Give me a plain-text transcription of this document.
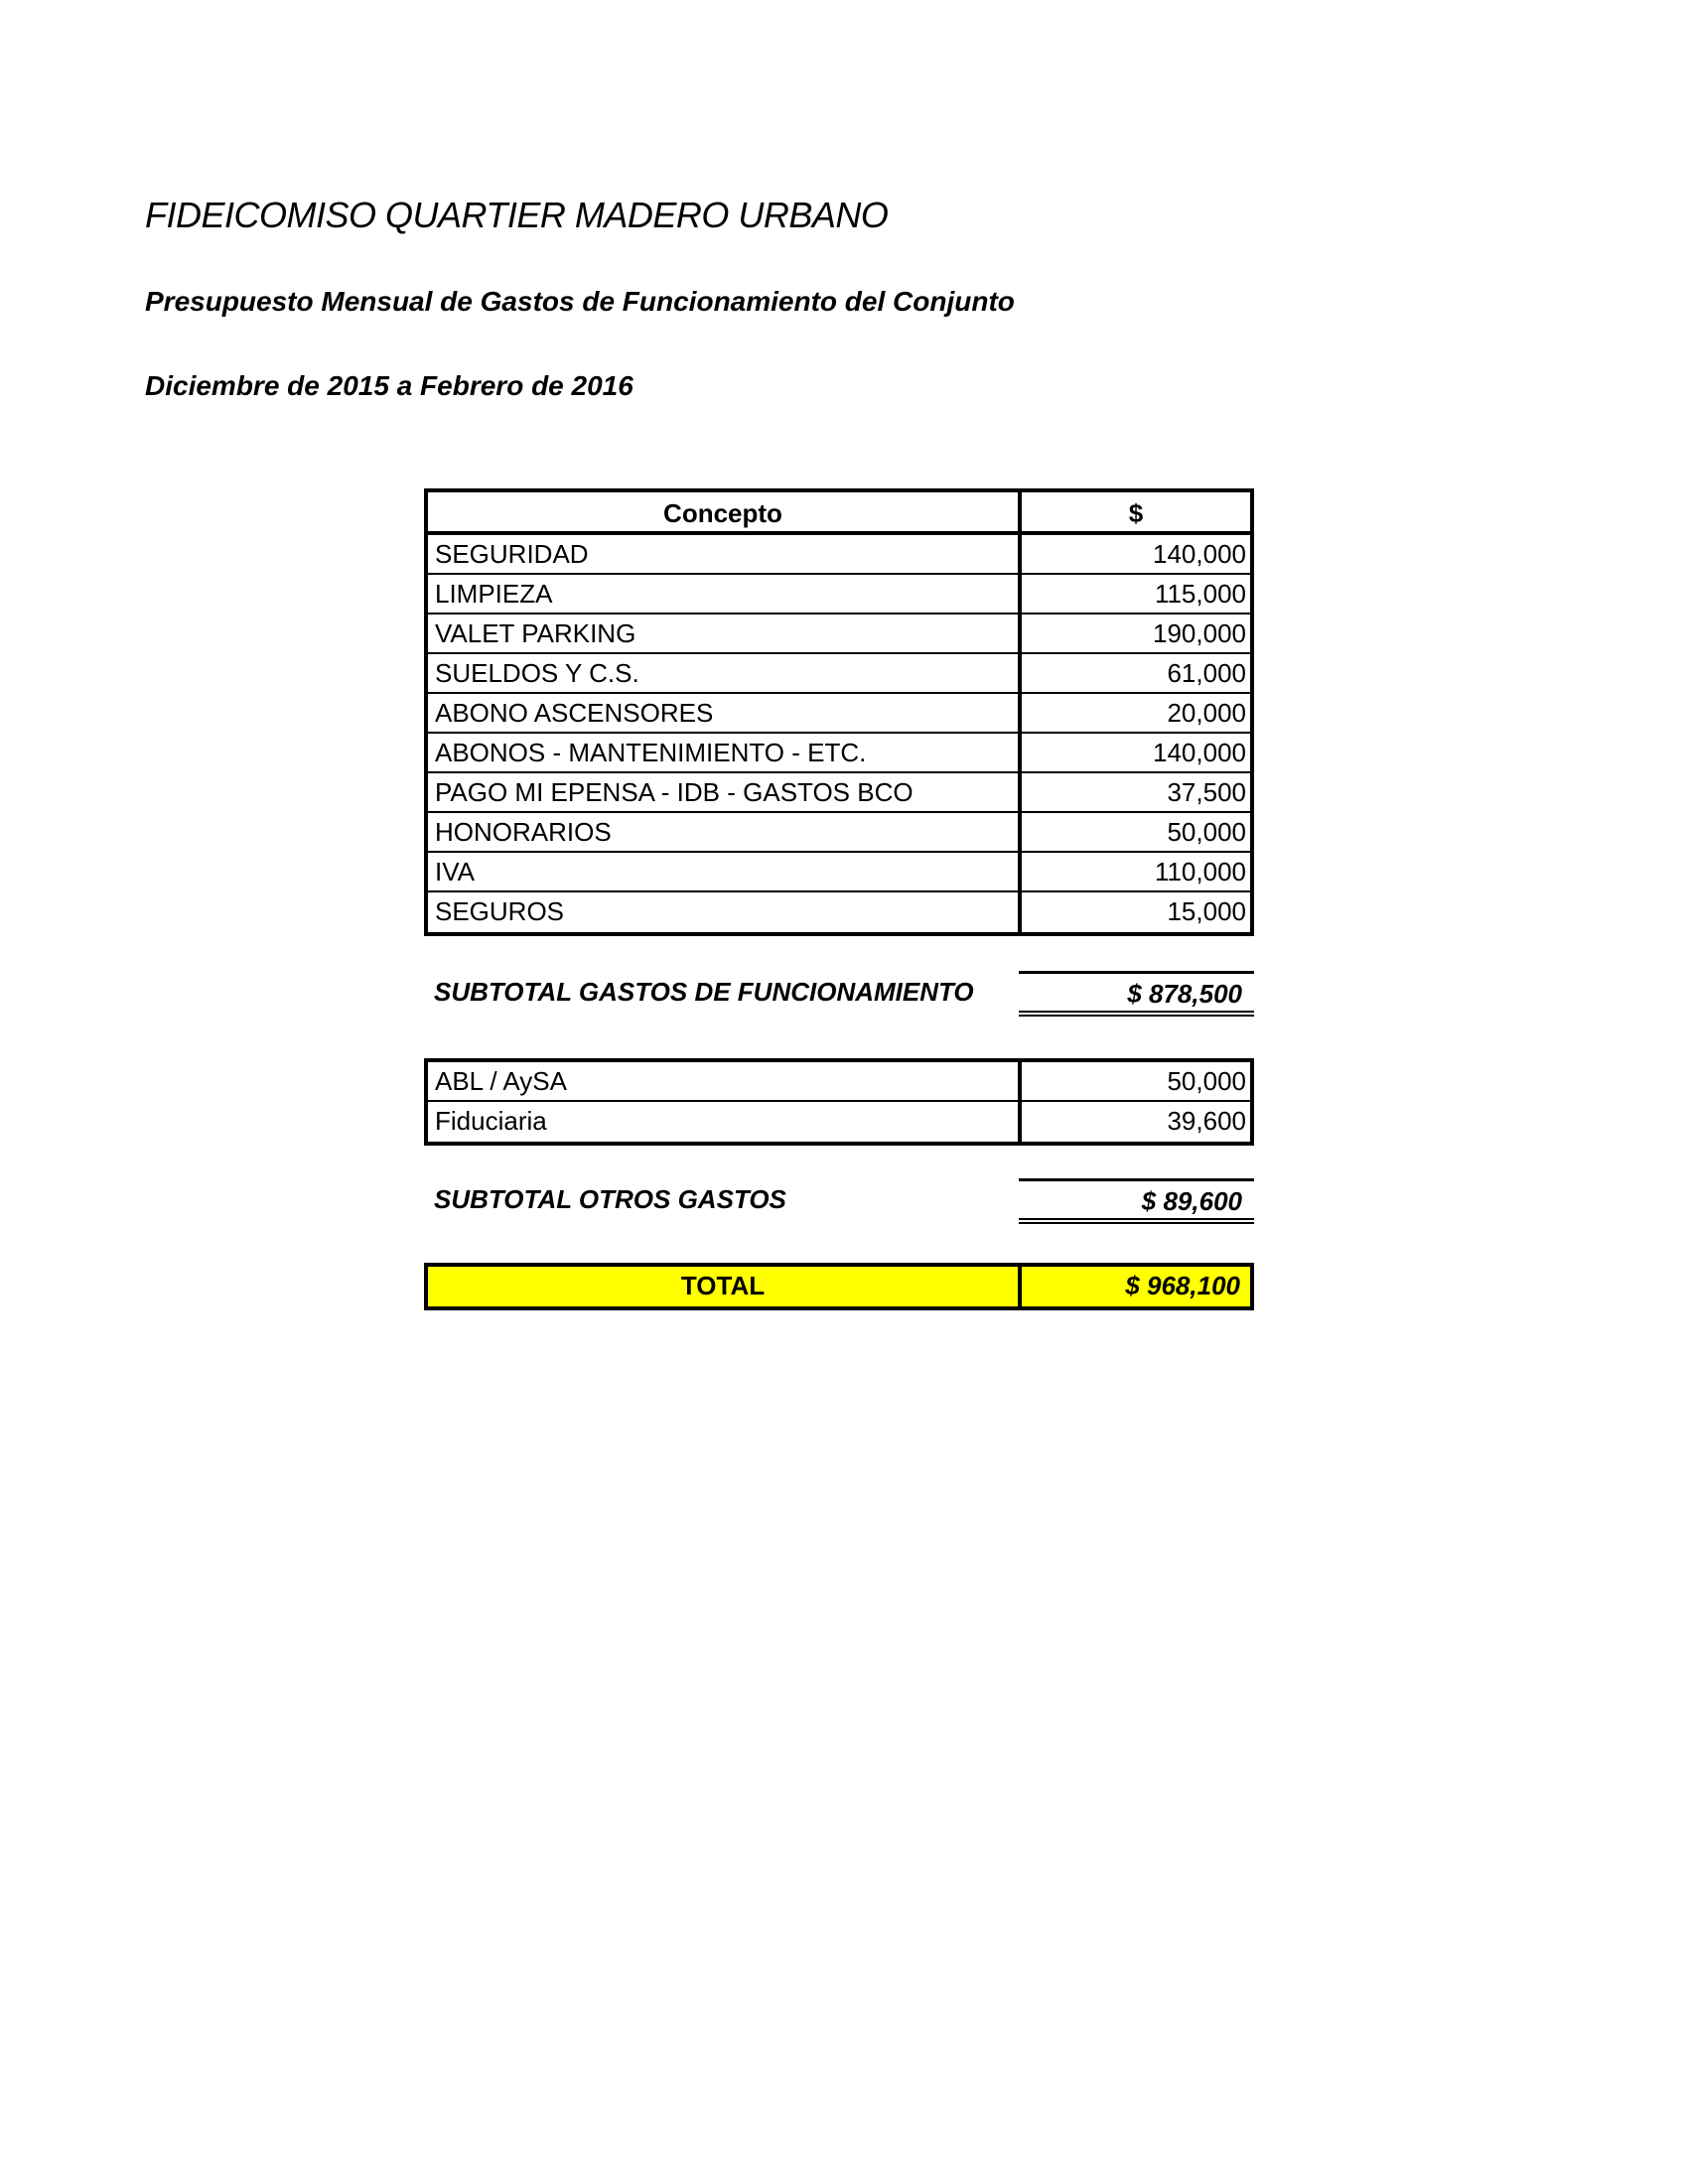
FIDEICOMISO QUARTIER MADERO URBANO
Presupuesto Mensual de Gastos de Funcionamiento del Conjunto
Diciembre de 2015 a Febrero de 2016
Concepto	$
SEGURIDAD	140,000
LIMPIEZA	115,000
VALET PARKING	190,000
SUELDOS Y C.S.	61,000
ABONO ASCENSORES	20,000
ABONOS - MANTENIMIENTO - ETC.	140,000
PAGO MI EPENSA - IDB - GASTOS BCO	37,500
HONORARIOS	50,000
IVA	110,000
SEGUROS	15,000
SUBTOTAL GASTOS DE FUNCIONAMIENTO	$ 878,500
ABL / AySA	50,000
Fiduciaria	39,600
SUBTOTAL OTROS GASTOS	$ 89,600
TOTAL	$ 968,100
